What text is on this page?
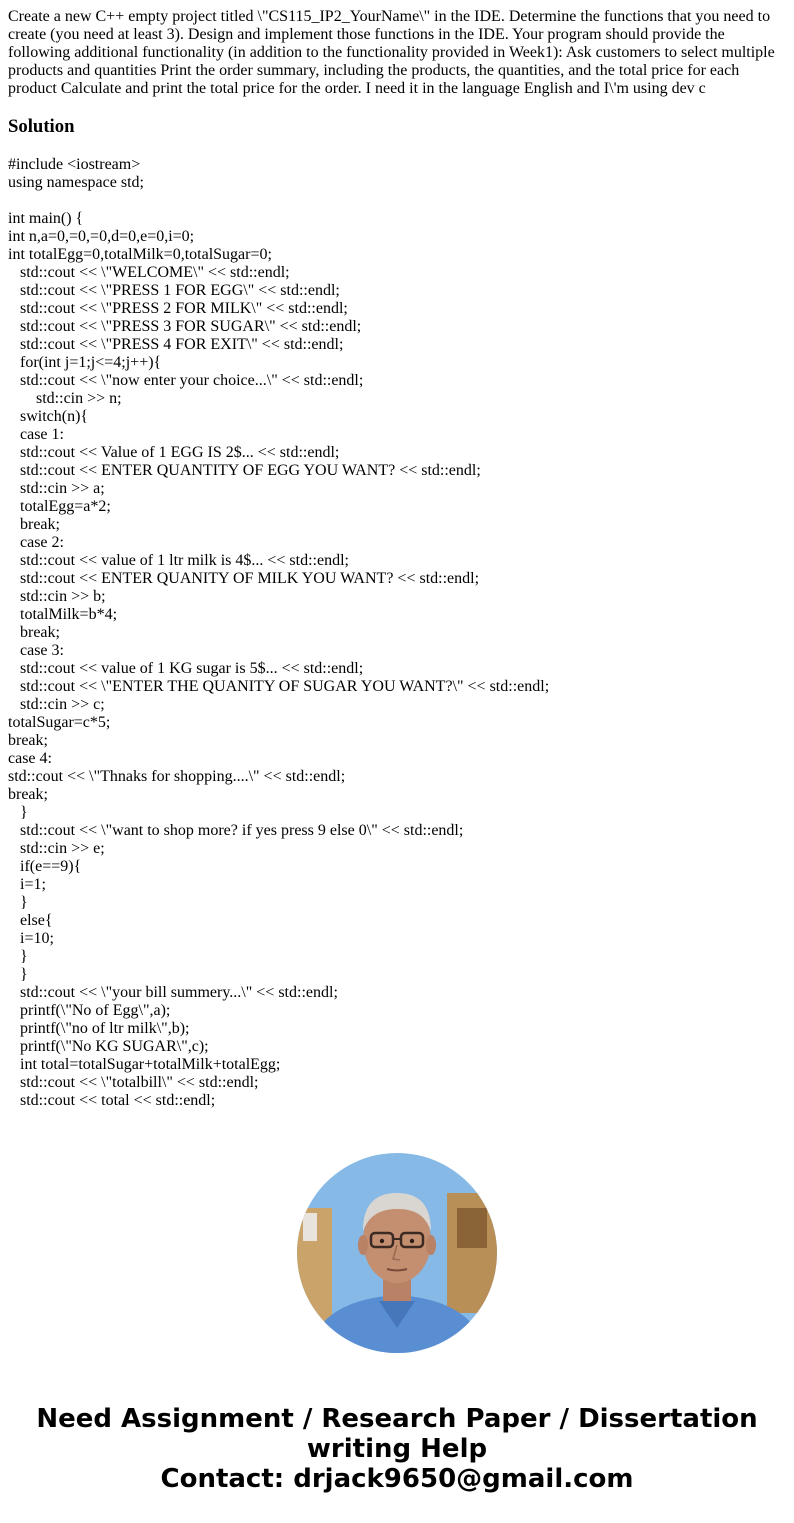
Create a new C++ empty project titled \"CS115_IP2_YourName\" in the IDE. Determine the functions that you need to create (you need at least 3). Design and implement those functions in the IDE. Your program should provide the following additional functionality (in addition to the functionality provided in Week1): Ask customers to select multiple products and quantities Print the order summary, including the products, the quantities, and the total price for each product Calculate and print the total price for the order. I need it in the language English and I\'m using dev c

Solution
#include <iostream>
using namespace std;
int main() {
int n,a=0,=0,=0,d=0,e=0,i=0;
int totalEgg=0,totalMilk=0,totalSugar=0;
std::cout << \"WELCOME\" << std::endl;
std::cout << \"PRESS 1 FOR EGG\" << std::endl;
std::cout << \"PRESS 2 FOR MILK\" << std::endl;
std::cout << \"PRESS 3 FOR SUGAR\" << std::endl;
std::cout << \"PRESS 4 FOR EXIT\" << std::endl;
for(int j=1;j<=4;j++){
std::cout << \"now enter your choice...\" << std::endl;
std::cin >> n;
switch(n){
case 1:
std::cout << Value of 1 EGG IS 2$... << std::endl;
std::cout << ENTER QUANTITY OF EGG YOU WANT? << std::endl;
std::cin >> a;
totalEgg=a*2;
break;
case 2:
std::cout << value of 1 ltr milk is 4$... << std::endl;
std::cout << ENTER QUANITY OF MILK YOU WANT? << std::endl;
std::cin >> b;
totalMilk=b*4;
break;
case 3:
std::cout << value of 1 KG sugar is 5$... << std::endl;
std::cout << \"ENTER THE QUANITY OF SUGAR YOU WANT?\" << std::endl;
std::cin >> c;
totalSugar=c*5;
break;
case 4:
std::cout << \"Thnaks for shopping....\" << std::endl;
break;
}
std::cout << \"want to shop more? if yes press 9 else 0\" << std::endl;
std::cin >> e;
if(e==9){
i=1;
}
else{
i=10;
}
}
std::cout << \"your bill summery...\" << std::endl;
printf(\"No of Egg\",a);
printf(\"no of ltr milk\",b);
printf(\"No KG SUGAR\",c);
int total=totalSugar+totalMilk+totalEgg;
std::cout << \"totalbill\" << std::endl;
std::cout << total << std::endl;
Need Assignment / Research Paper / Dissertation
writing Help
Contact: drjack9650@gmail.com
